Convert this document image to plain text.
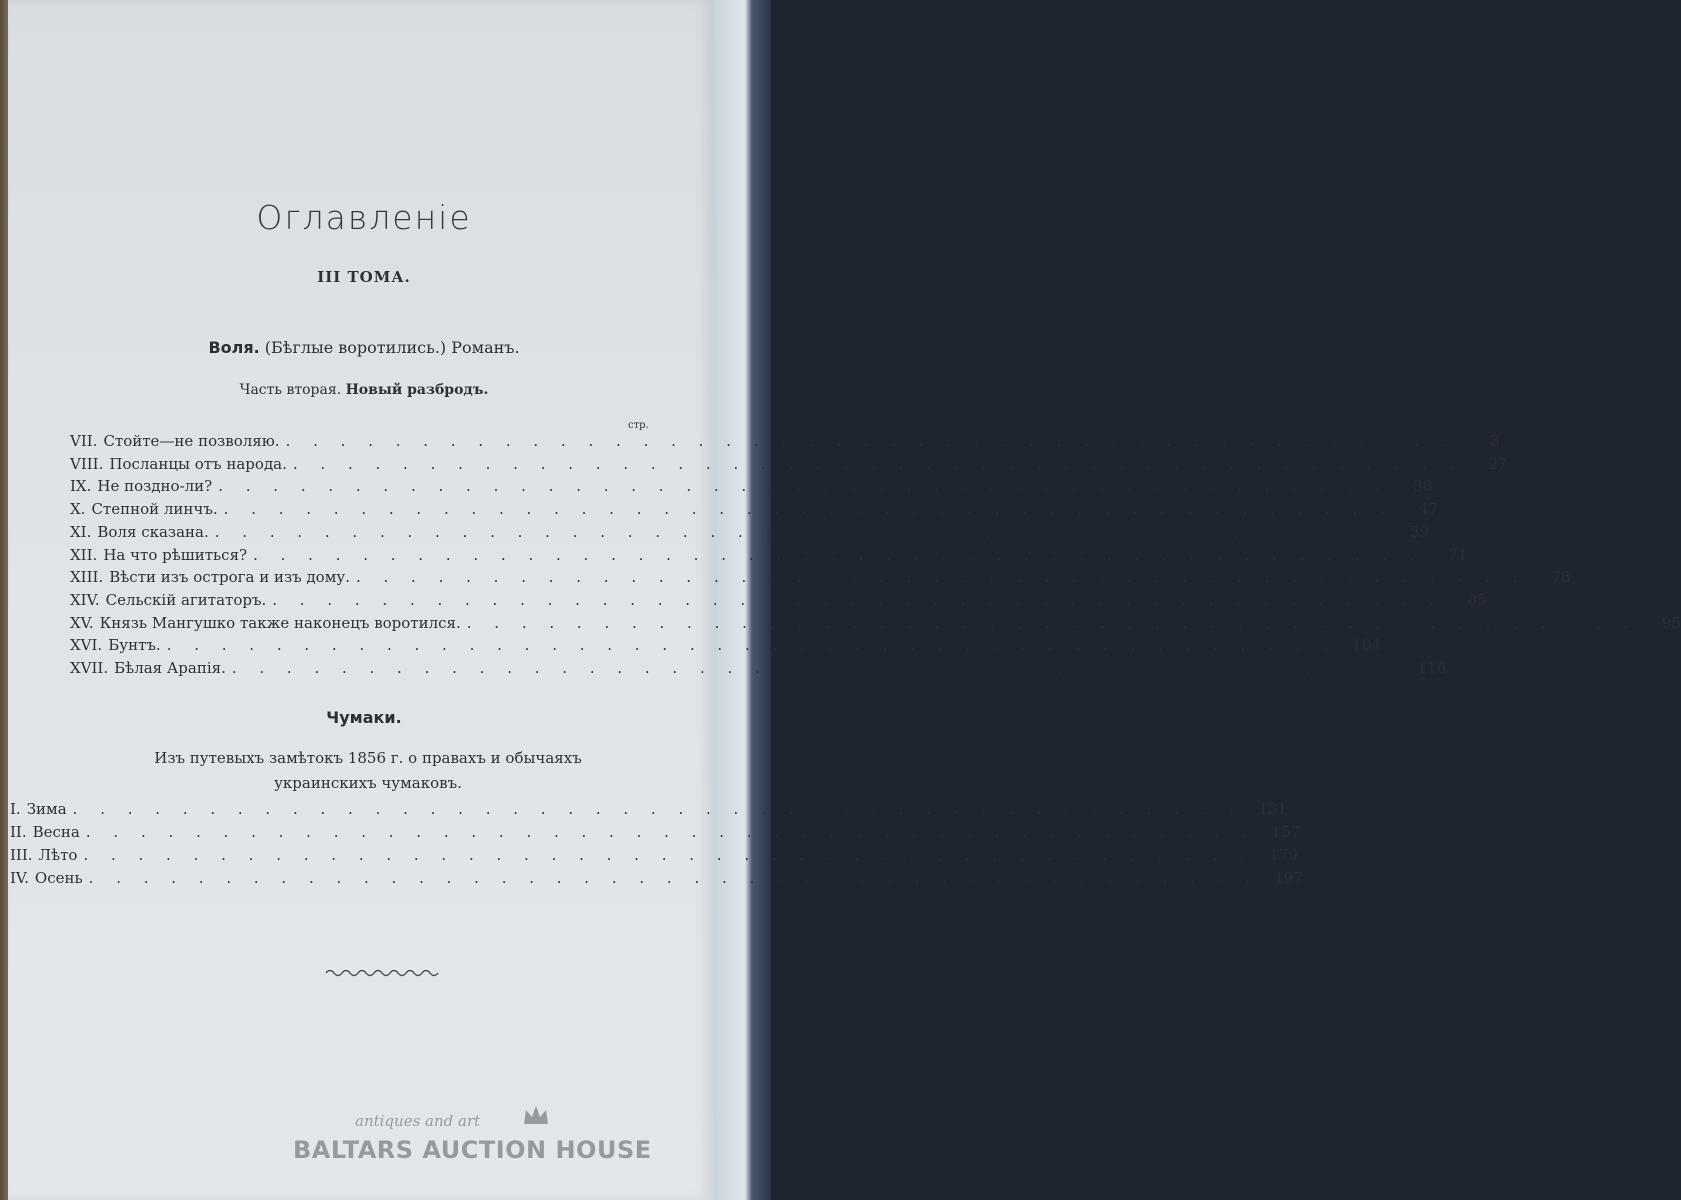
Оглавленіе
III ТОМА.
Воля. (Бѣглые воротились.) Романъ.
Часть вторая. Новый разбродъ.
стр.
VII. Стойте—не позволяю. . . . . . . . . . . . . . . . . . . . . . . . . . . . . . . . . . . . . . . . . . . .	3
VIII. Посланцы отъ народа. . . . . . . . . . . . . . . . . . . . . . . . . . . . . . . . . . . . . . . . . . . .	27
IX. Не поздно-ли? . . . . . . . . . . . . . . . . . . . . . . . . . . . . . . . . . . . . . . . . . . .	38
X. Степной линчъ. . . . . . . . . . . . . . . . . . . . . . . . . . . . . . . . . . . . . . . . . . . .	47
XI. Воля сказана. . . . . . . . . . . . . . . . . . . . . . . . . . . . . . . . . . . . . . . . . . . .	59
XII. На что рѣшиться? . . . . . . . . . . . . . . . . . . . . . . . . . . . . . . . . . . . . . . . . . . .	71
XIII. Вѣсти изъ острога и изъ дому. . . . . . . . . . . . . . . . . . . . . . . . . . . . . . . . . . . . . . . . . . . .	78
XIV. Сельскій агитаторъ. . . . . . . . . . . . . . . . . . . . . . . . . . . . . . . . . . . . . . . . . . . .	85
XV. Князь Мангушко также наконецъ воротился. . . . . . . . . . . . . . . . . . . . . . . . . . . . . . . . . . . . . . . . . . . .	95
XVI. Бунтъ. . . . . . . . . . . . . . . . . . . . . . . . . . . . . . . . . . . . . . . . . . . .	104
XVII. Бѣлая Арапія. . . . . . . . . . . . . . . . . . . . . . . . . . . . . . . . . . . . . . . . . . . .	116
I. Зима . . . . . . . . . . . . . . . . . . . . . . . . . . . . . . . . . . . . . . . . . . .	131
II. Весна . . . . . . . . . . . . . . . . . . . . . . . . . . . . . . . . . . . . . . . . . . .	157
III. Лѣто . . . . . . . . . . . . . . . . . . . . . . . . . . . . . . . . . . . . . . . . . . .	179
IV. Осень . . . . . . . . . . . . . . . . . . . . . . . . . . . . . . . . . . . . . . . . . . .	197
Чумаки.
Изъ путевыхъ замѣтокъ 1856 г. о правахъ и обычаяхъ украинскихъ чумаковъ.
antiques and art
BALTARS AUCTION HOUSE
